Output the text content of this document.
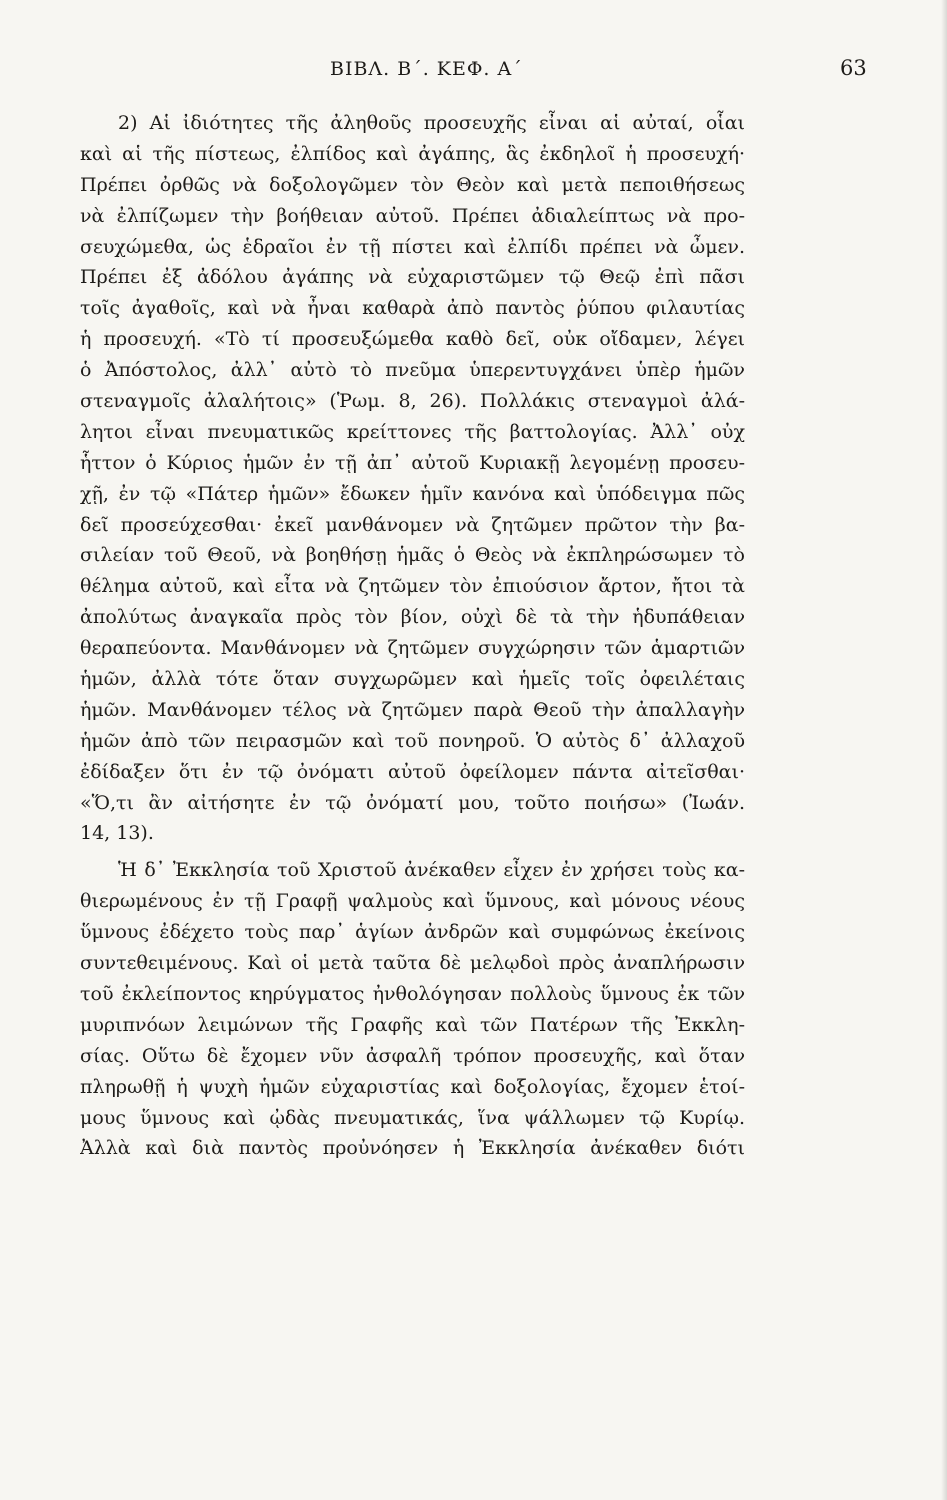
ΒΙΒΛ. Β΄. ΚΕΦ. Α΄	63
2) Αἱ ἰδιότητες τῆς ἀληθοῦς προσευχῆς εἶναι αἱ αὐταί, οἷαι
καὶ αἱ τῆς πίστεως, ἐλπίδος καὶ ἀγάπης, ἃς ἐκδηλοῖ ἡ προσευχή·
Πρέπει ὀρθῶς νὰ δοξολογῶμεν τὸν Θεὸν καὶ μετὰ πεποιθήσεως
νὰ ἐλπίζωμεν τὴν βοήθειαν αὐτοῦ. Πρέπει ἀδιαλείπτως νὰ προ-
σευχώμεθα, ὡς ἑδραῖοι ἐν τῇ πίστει καὶ ἐλπίδι πρέπει νὰ ὦμεν.
Πρέπει ἐξ ἀδόλου ἀγάπης νὰ εὐχαριστῶμεν τῷ Θεῷ ἐπὶ πᾶσι
τοῖς ἀγαθοῖς, καὶ νὰ ἦναι καθαρὰ ἀπὸ παντὸς ῥύπου φιλαυτίας
ἡ προσευχή. «Τὸ τί προσευξώμεθα καθὸ δεῖ, οὐκ οἴδαμεν, λέγει
ὁ Ἀπόστολος, ἀλλ᾽ αὐτὸ τὸ πνεῦμα ὑπερεντυγχάνει ὑπὲρ ἡμῶν
στεναγμοῖς ἀλαλήτοις» (Ῥωμ. 8, 26). Πολλάκις στεναγμοὶ ἀλά-
λητοι εἶναι πνευματικῶς κρείττονες τῆς βαττολογίας. Ἀλλ᾽ οὐχ
ἧττον ὁ Κύριος ἡμῶν ἐν τῇ ἀπ᾽ αὐτοῦ Κυριακῇ λεγομένῃ προσευ-
χῇ, ἐν τῷ «Πάτερ ἡμῶν» ἔδωκεν ἡμῖν κανόνα καὶ ὑπόδειγμα πῶς
δεῖ προσεύχεσθαι· ἐκεῖ μανθάνομεν νὰ ζητῶμεν πρῶτον τὴν βα-
σιλείαν τοῦ Θεοῦ, νὰ βοηθήσῃ ἡμᾶς ὁ Θεὸς νὰ ἐκπληρώσωμεν τὸ
θέλημα αὐτοῦ, καὶ εἶτα νὰ ζητῶμεν τὸν ἐπιούσιον ἄρτον, ἤτοι τὰ
ἀπολύτως ἀναγκαῖα πρὸς τὸν βίον, οὐχὶ δὲ τὰ τὴν ἡδυπάθειαν
θεραπεύοντα. Μανθάνομεν νὰ ζητῶμεν συγχώρησιν τῶν ἁμαρτιῶν
ἡμῶν, ἀλλὰ τότε ὅταν συγχωρῶμεν καὶ ἡμεῖς τοῖς ὀφειλέταις
ἡμῶν. Μανθάνομεν τέλος νὰ ζητῶμεν παρὰ Θεοῦ τὴν ἀπαλλαγὴν
ἡμῶν ἀπὸ τῶν πειρασμῶν καὶ τοῦ πονηροῦ. Ὁ αὐτὸς δ᾽ ἀλλαχοῦ
ἐδίδαξεν ὅτι ἐν τῷ ὀνόματι αὐτοῦ ὀφείλομεν πάντα αἰτεῖσθαι·
«Ὅ,τι ἂν αἰτήσητε ἐν τῷ ὀνόματί μου, τοῦτο ποιήσω» (Ἰωάν.
14, 13).
Ἡ δ᾽ Ἐκκλησία τοῦ Χριστοῦ ἀνέκαθεν εἶχεν ἐν χρήσει τοὺς κα-
θιερωμένους ἐν τῇ Γραφῇ ψαλμοὺς καὶ ὕμνους, καὶ μόνους νέους
ὕμνους ἐδέχετο τοὺς παρ᾽ ἁγίων ἀνδρῶν καὶ συμφώνως ἐκείνοις
συντεθειμένους. Καὶ οἱ μετὰ ταῦτα δὲ μελῳδοὶ πρὸς ἀναπλήρωσιν
τοῦ ἐκλείποντος κηρύγματος ἠνθολόγησαν πολλοὺς ὕμνους ἐκ τῶν
μυριπνόων λειμώνων τῆς Γραφῆς καὶ τῶν Πατέρων τῆς Ἐκκλη-
σίας. Οὕτω δὲ ἔχομεν νῦν ἀσφαλῆ τρόπον προσευχῆς, καὶ ὅταν
πληρωθῇ ἡ ψυχὴ ἡμῶν εὐχαριστίας καὶ δοξολογίας, ἔχομεν ἑτοί-
μους ὕμνους καὶ ᾠδὰς πνευματικάς, ἵνα ψάλλωμεν τῷ Κυρίῳ.
Ἀλλὰ καὶ διὰ παντὸς προὐνόησεν ἡ Ἐκκλησία ἀνέκαθεν διότι
